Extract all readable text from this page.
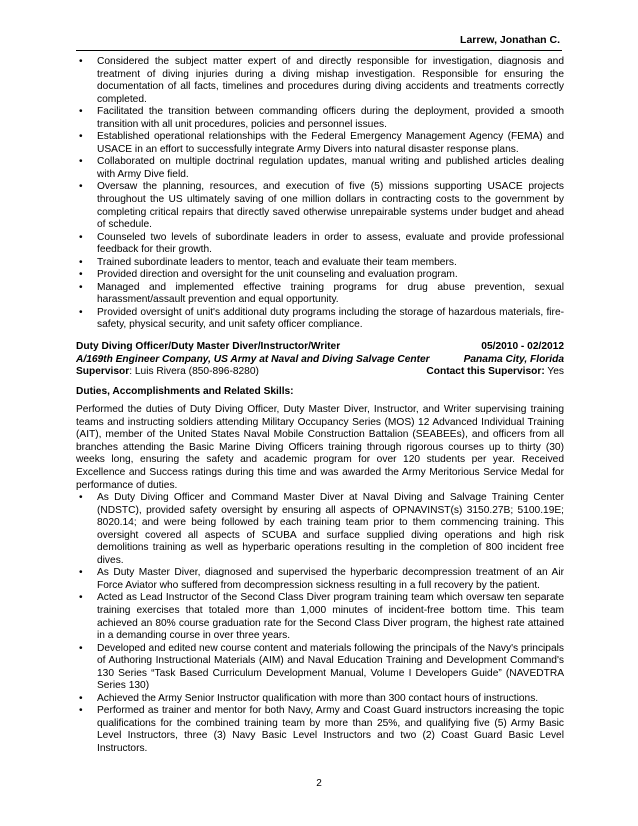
Larrew, Jonathan C.
• Considered the subject matter expert of and directly responsible for investigation, diagnosis and treatment of diving injuries during a diving mishap investigation. Responsible for ensuring the documentation of all facts, timelines and procedures during diving accidents and treatments correctly completed.
• Facilitated the transition between commanding officers during the deployment, provided a smooth transition with all unit procedures, policies and personnel issues.
• Established operational relationships with the Federal Emergency Management Agency (FEMA) and USACE in an effort to successfully integrate Army Divers into natural disaster response plans.
• Collaborated on multiple doctrinal regulation updates, manual writing and published articles dealing with Army Dive field.
• Oversaw the planning, resources, and execution of five (5) missions supporting USACE projects throughout the US ultimately saving of one million dollars in contracting costs to the government by completing critical repairs that directly saved otherwise unrepairable systems under budget and ahead of schedule.
• Counseled two levels of subordinate leaders in order to assess, evaluate and provide professional feedback for their growth.
• Trained subordinate leaders to mentor, teach and evaluate their team members.
• Provided direction and oversight for the unit counseling and evaluation program.
• Managed and implemented effective training programs for drug abuse prevention, sexual harassment/assault prevention and equal opportunity.
• Provided oversight of unit's additional duty programs including the storage of hazardous materials, fire-safety, physical security, and unit safety officer compliance.
Duty Diving Officer/Duty Master Diver/Instructor/Writer	05/2010 - 02/2012
A/169th Engineer Company, US Army at Naval and Diving Salvage Center	Panama City, Florida
Supervisor: Luis Rivera (850-896-8280)	Contact this Supervisor: Yes
Duties, Accomplishments and Related Skills:
Performed the duties of Duty Diving Officer, Duty Master Diver, Instructor, and Writer supervising training teams and instructing soldiers attending Military Occupancy Series (MOS) 12 Advanced Individual Training (AIT), member of the United States Naval Mobile Construction Battalion (SEABEEs), and officers from all branches attending the Basic Marine Diving Officers training through rigorous courses up to thirty (30) weeks long, ensuring the safety and academic program for over 120 students per year. Received Excellence and Success ratings during this time and was awarded the Army Meritorious Service Medal for performance of duties.
• As Duty Diving Officer and Command Master Diver at Naval Diving and Salvage Training Center (NDSTC), provided safety oversight by ensuring all aspects of OPNAVINST(s) 3150.27B; 5100.19E; 8020.14; and were being followed by each training team prior to them commencing training. This oversight covered all aspects of SCUBA and surface supplied diving operations and high risk demolitions training as well as hyperbaric operations resulting in the completion of 800 incident free dives.
• As Duty Master Diver, diagnosed and supervised the hyperbaric decompression treatment of an Air Force Aviator who suffered from decompression sickness resulting in a full recovery by the patient.
• Acted as Lead Instructor of the Second Class Diver program training team which oversaw ten separate training exercises that totaled more than 1,000 minutes of incident-free bottom time. This team achieved an 80% course graduation rate for the Second Class Diver program, the highest rate attained in a demanding course in over three years.
• Developed and edited new course content and materials following the principals of the Navy's principals of Authoring Instructional Materials (AIM) and Naval Education Training and Development Command's 130 Series “Task Based Curriculum Development Manual, Volume I Developers Guide” (NAVEDTRA Series 130)
• Achieved the Army Senior Instructor qualification with more than 300 contact hours of instructions.
• Performed as trainer and mentor for both Navy, Army and Coast Guard instructors increasing the topic qualifications for the combined training team by more than 25%, and qualifying five (5) Army Basic Level Instructors, three (3) Navy Basic Level Instructors and two (2) Coast Guard Basic Level Instructors.
2
